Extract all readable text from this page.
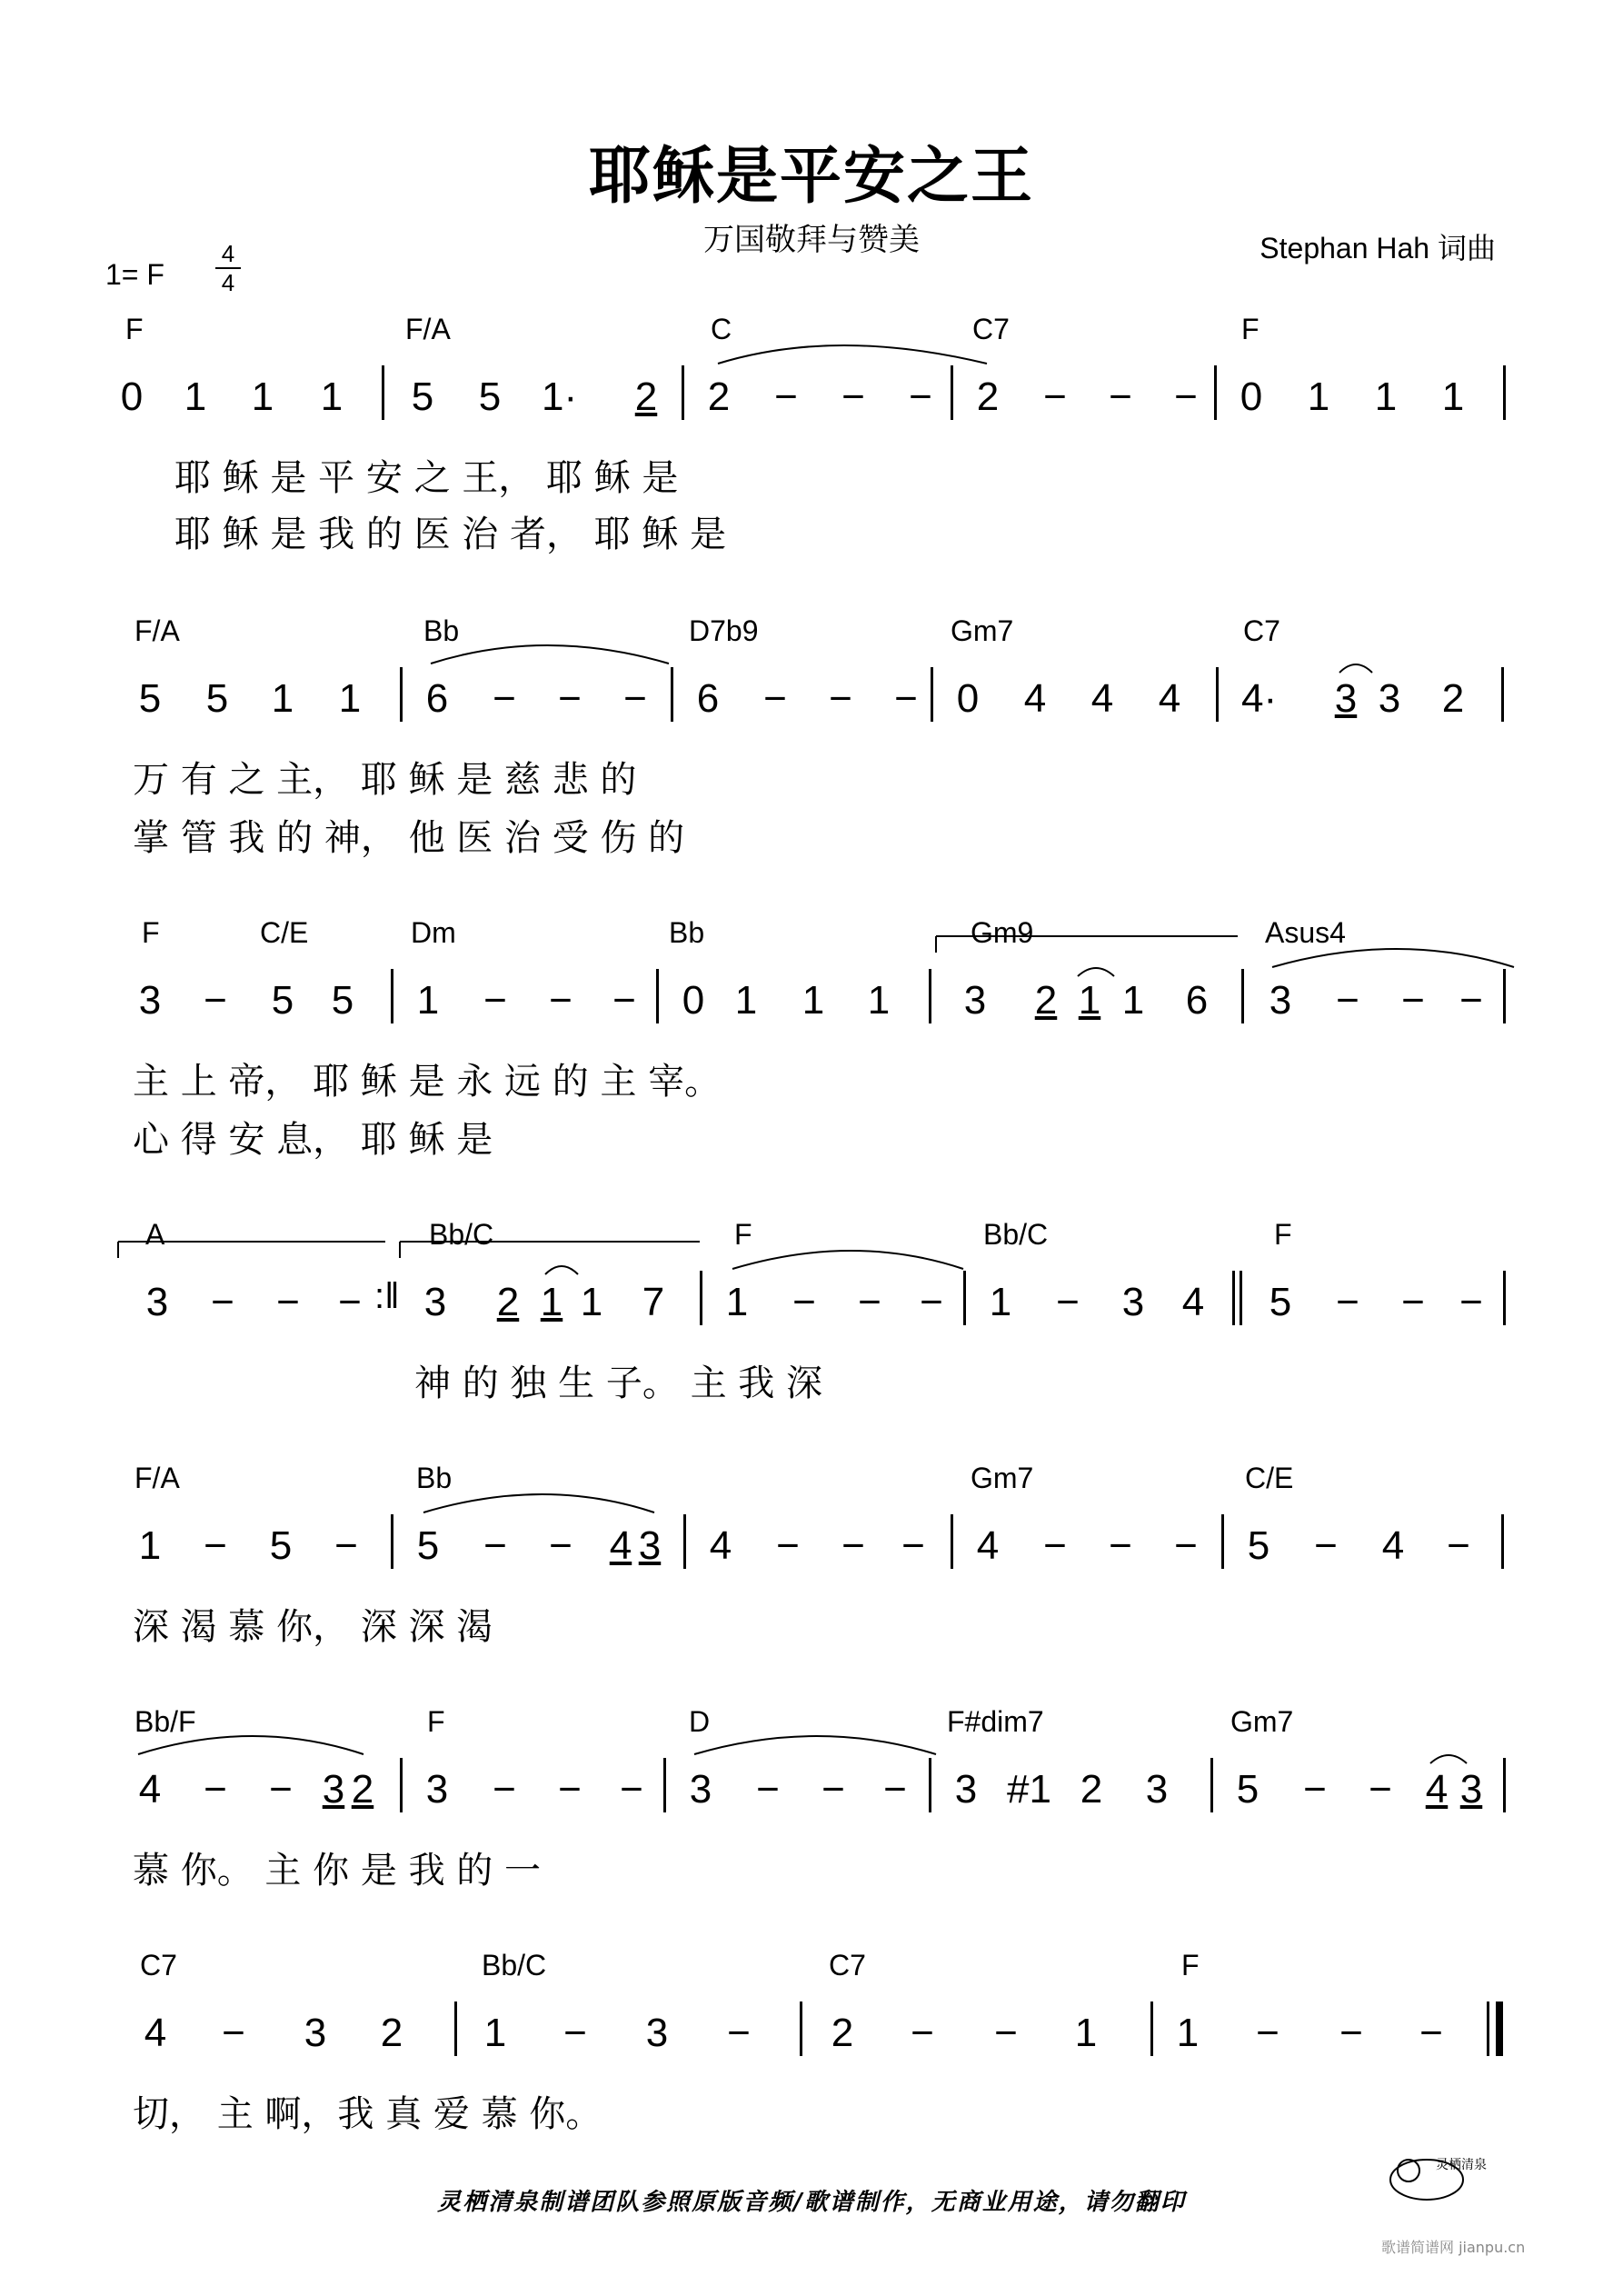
耶稣是平安之王
万国敬拜与赞美	Stephan Hah 词曲
1= F
4
4
F	F/A	C	C7	F
0 1 1 1 5 5 1· 2 2 − − − 2 − − − 0 1 1 1
耶 稣 是 平 安 之 王， 耶 稣 是
耶 稣 是 我 的 医 治 者， 耶 稣 是
F/A	Bb	D7b9	Gm7	C7
5 5 1 1 6 − − − 6 − − − 0 4 4 4 4· 3 3 2
万 有 之 主， 耶 稣 是 慈 悲 的
掌 管 我 的 神， 他 医 治 受 伤 的
F	C/E	Dm	Bb	Gm9	Asus4
3 − 5 5 1 − − − 0 1 1 1 3 2 1 1 6 3 − − −
主 上 帝， 耶 稣 是 永 远 的 主 宰。
心 得 安 息， 耶 稣 是
A	Bb/C	F	Bb/C	F
3 − − − :‖ 3 2 1 1 7 1 − − − 1 − 3 4 5 − − −
神 的 独 生 子。 主 我 深
F/A	Bb	Gm7	C/E
1 − 5 − 5 − − 4 3 4 − − − 4 − − − 5 − 4 −
深 渴 慕 你， 深 深 渴
Bb/F	F	D	F#dim7	Gm7
4 − − 3 2 3 − − − 3 − − − 3 #1 2 3 5 − − 4 3
慕 你。 主 你 是 我 的 一
C7	Bb/C	C7	F
4 − 3 2 1 − 3 − 2 − − 1 1 − − −
切， 主 啊，我 真 爱 慕 你。
灵栖清泉制谱团队参照原版音频/歌谱制作，无商业用途，请勿翻印
灵栖清泉
歌谱简谱网 jianpu.cn
